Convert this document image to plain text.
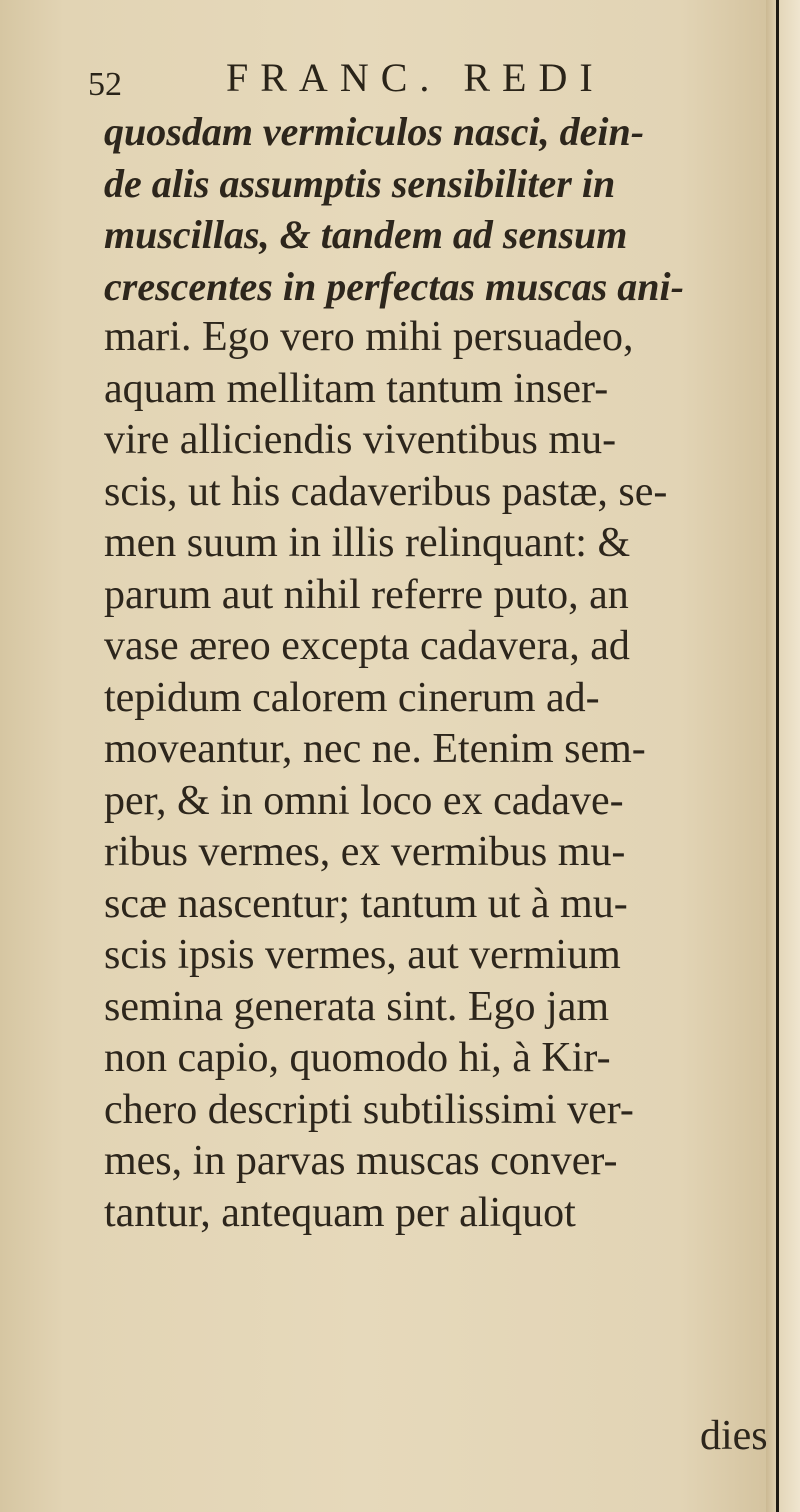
52	FRANC. REDI
quosdam vermiculos nasci, dein-
de alis assumptis sensibiliter in
muscillas, & tandem ad sensum
crescentes in perfectas muscas ani-
mari. Ego vero mihi persuadeo,
aquam mellitam tantum inser-
vire alliciendis viventibus mu-
scis, ut his cadaveribus pastæ, se-
men suum in illis relinquant: &
parum aut nihil referre puto, an
vase æreo excepta cadavera, ad
tepidum calorem cinerum ad-
moveantur, nec ne. Etenim sem-
per, & in omni loco ex cadave-
ribus vermes, ex vermibus mu-
scæ nascentur; tantum ut à mu-
scis ipsis vermes, aut vermium
semina generata sint. Ego jam
non capio, quomodo hi, à Kir-
chero descripti subtilissimi ver-
mes, in parvas muscas conver-
tantur, antequam per aliquot
dies
